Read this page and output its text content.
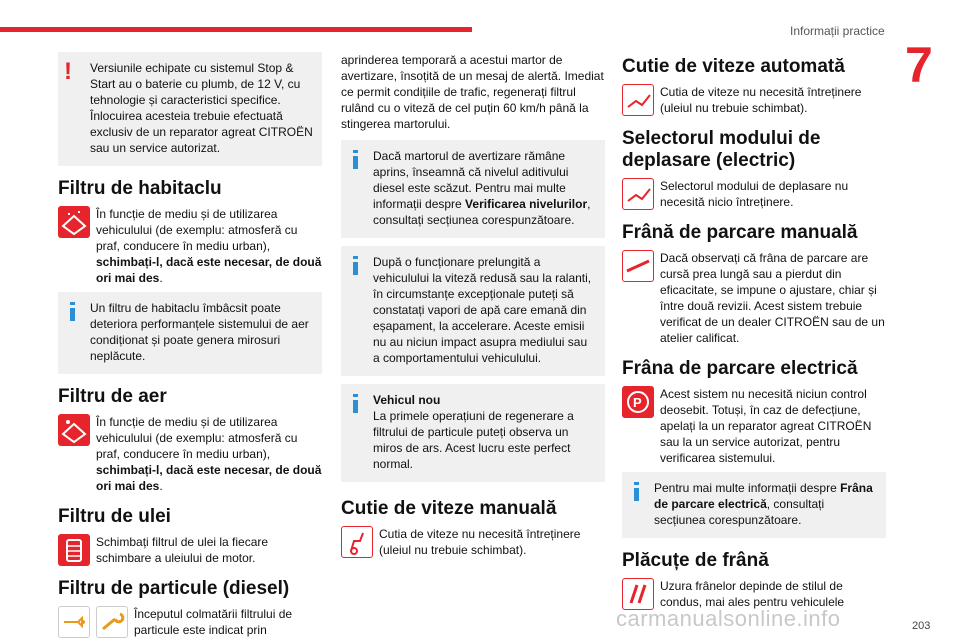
Informații practice
7
!	Versiunile echipate cu sistemul Stop & Start au o baterie cu plumb, de 12 V, cu tehnologie și caracteristici specifice. Înlocuirea acesteia trebuie efectuată exclusiv de un reparator agreat CITROËN sau un service autorizat.
Filtru de habitaclu
În funcție de mediu și de utilizarea vehiculului (de exemplu: atmosferă cu praf, conducere în mediu urban), schimbați-l, dacă este necesar, de două ori mai des.
Un filtru de habitaclu îmbâcsit poate deteriora performanțele sistemului de aer condiționat și poate genera mirosuri neplăcute.
Filtru de aer
În funcție de mediu și de utilizarea vehiculului (de exemplu: atmosferă cu praf, conducere în mediu urban), schimbați-l, dacă este necesar, de două ori mai des.
Filtru de ulei
Schimbați filtrul de ulei la fiecare schimbare a uleiului de motor.
Filtru de particule (diesel)
Începutul colmatării filtrului de particule este indicat prin
aprinderea temporară a acestui martor de avertizare, însoțită de un mesaj de alertă. Imediat ce permit condițiile de trafic, regenerați filtrul rulând cu o viteză de cel puțin 60 km/h până la stingerea martorului.
Dacă martorul de avertizare rămâne aprins, înseamnă că nivelul aditivului diesel este scăzut. Pentru mai multe informații despre Verificarea nivelurilor, consultați secțiunea corespunzătoare.
După o funcționare prelungită a vehiculului la viteză redusă sau la ralanti, în circumstanțe excepționale puteți să constatați vapori de apă care emană din eșapament, la accelerare. Aceste emisii nu au niciun impact asupra mediului sau a comportamentului vehiculului.
Vehicul nou
La primele operațiuni de regenerare a filtrului de particule puteți observa un miros de ars. Acest lucru este perfect normal.
Cutie de viteze manuală
Cutia de viteze nu necesită întreținere (uleiul nu trebuie schimbat).
Cutie de viteze automată
Cutia de viteze nu necesită întreținere (uleiul nu trebuie schimbat).
Selectorul modului de deplasare (electric)
Selectorul modului de deplasare nu necesită nicio întreținere.
Frână de parcare manuală
Dacă observați că frâna de parcare are cursă prea lungă sau a pierdut din eficacitate, se impune o ajustare, chiar și între două revizii. Acest sistem trebuie verificat de un dealer CITROËN sau de un atelier calificat.
Frâna de parcare electrică
P
Acest sistem nu necesită niciun control deosebit. Totuși, în caz de defecțiune, apelați la un reparator agreat CITROËN sau la un service autorizat, pentru verificarea sistemului.
Pentru mai multe informații despre Frâna de parcare electrică, consultați secțiunea corespunzătoare.
Plăcuțe de frână
Uzura frânelor depinde de stilul de condus, mai ales pentru vehiculele
carmanualsonline.info	203
